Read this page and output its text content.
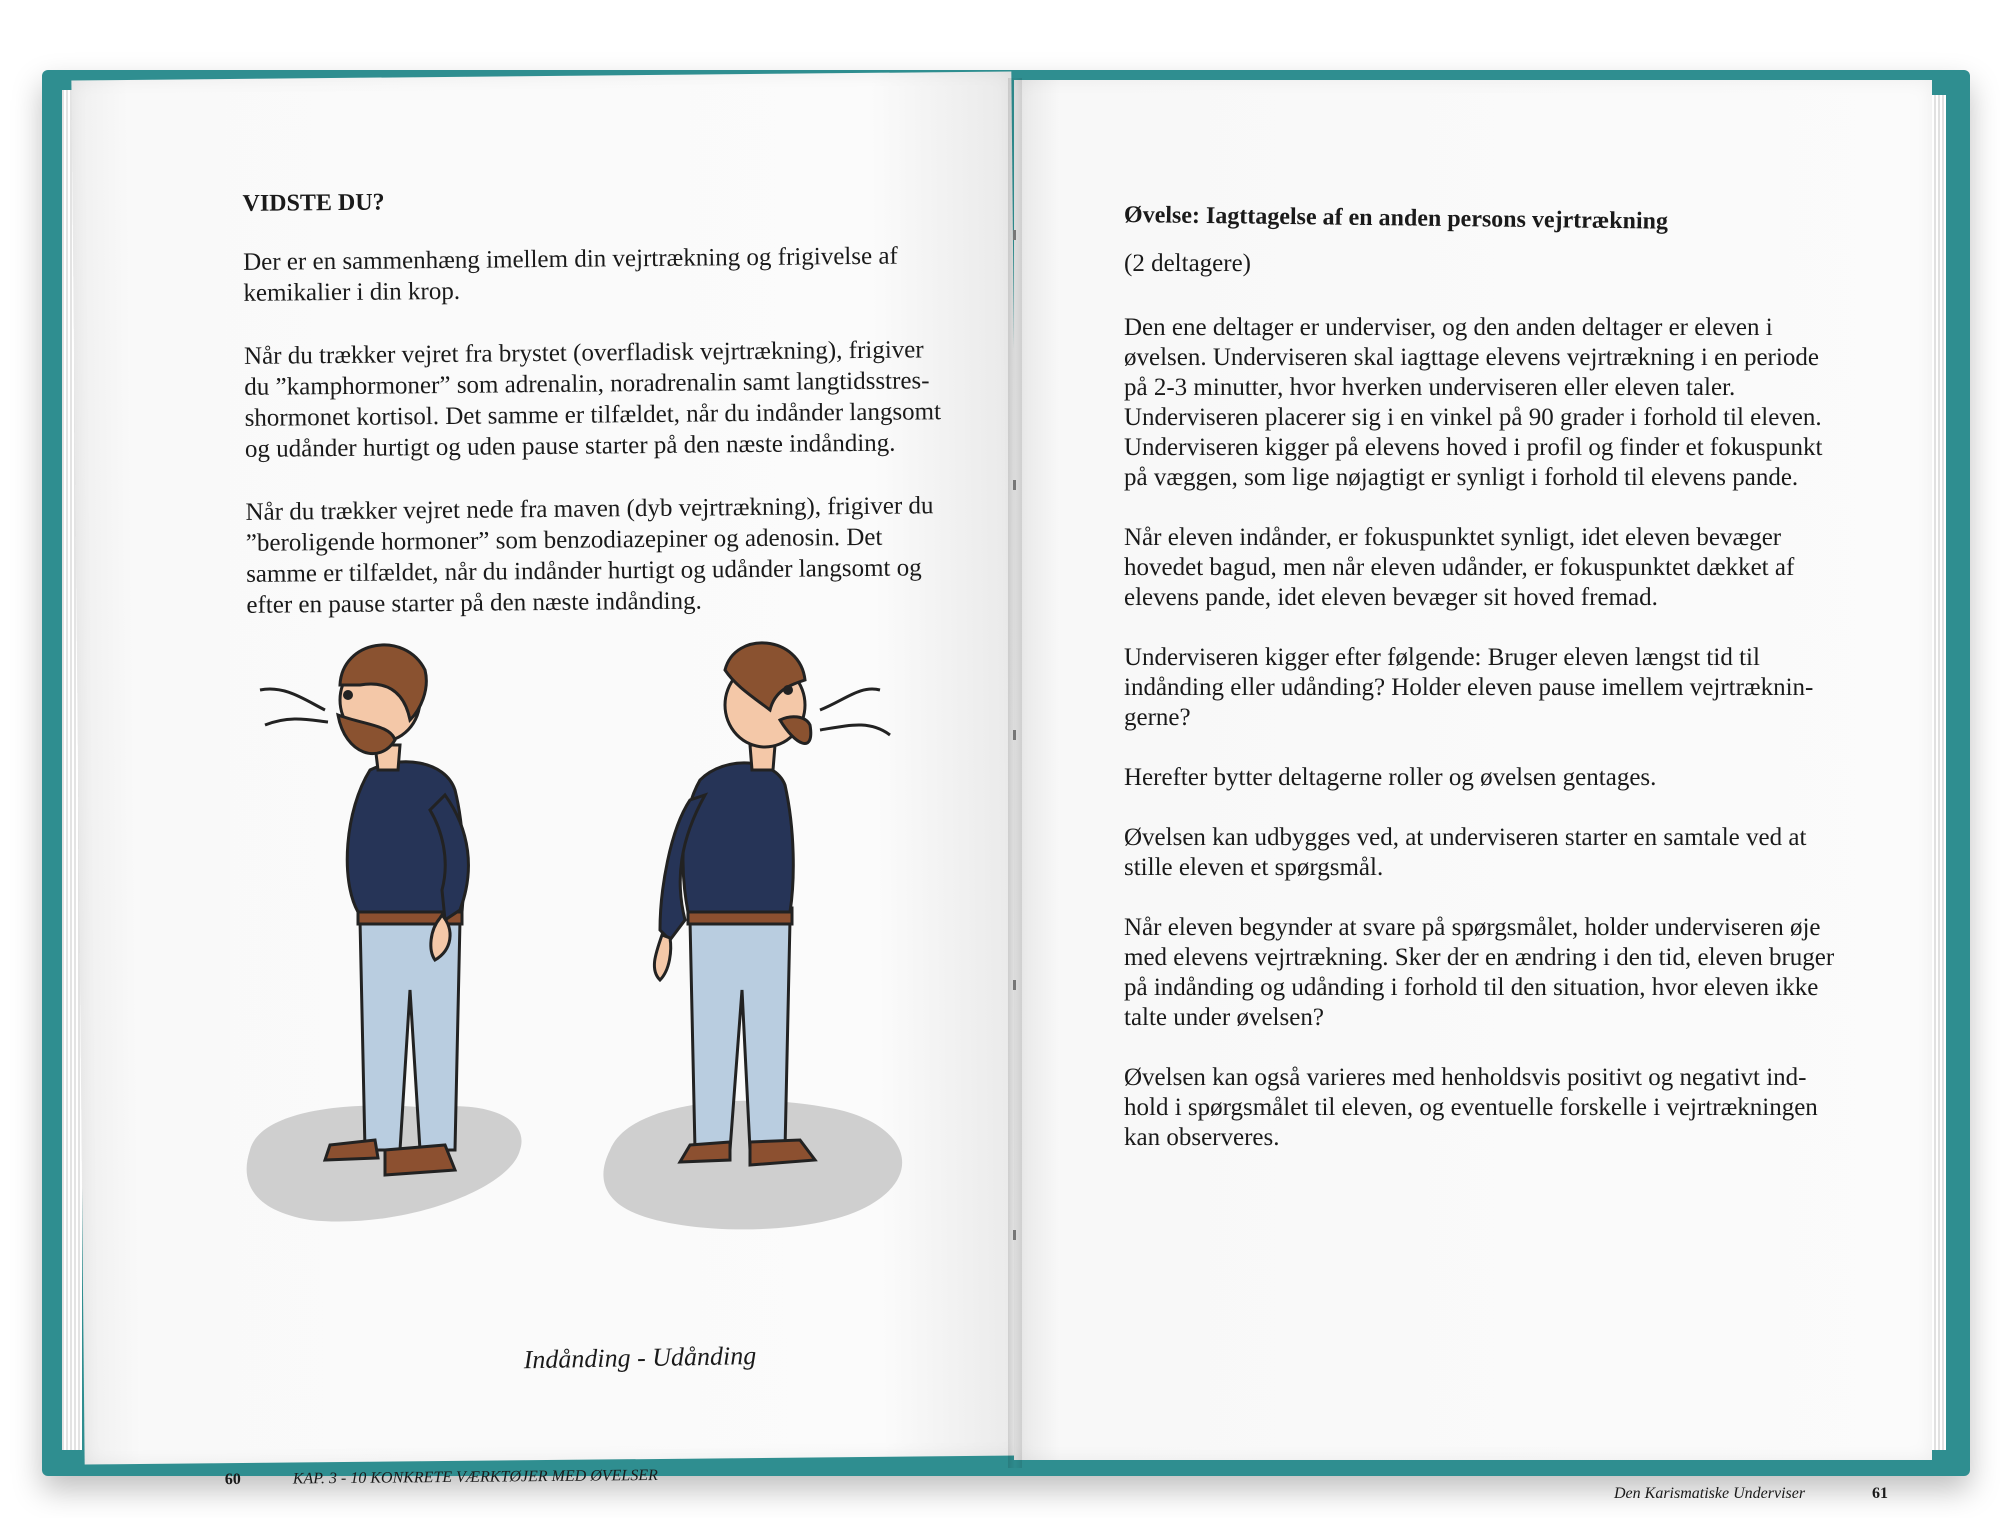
VIDSTE DU?
Der er en sammenhæng imellem din vejrtrækning og frigivelse af
kemikalier i din krop.
Når du trækker vejret fra brystet (overfladisk vejrtrækning), frigiver
du ”kamphormoner” som adrenalin, noradrenalin samt langtidsstres-
shormonet kortisol. Det samme er tilfældet, når du indånder langsomt
og udånder hurtigt og uden pause starter på den næste indånding.
Når du trækker vejret nede fra maven (dyb vejrtrækning), frigiver du
”beroligende hormoner” som benzodiazepiner og adenosin. Det
samme er tilfældet, når du indånder hurtigt og udånder langsomt og
efter en pause starter på den næste indånding.
Indånding - Udånding
60	KAP. 3 - 10 KONKRETE VÆRKTØJER MED ØVELSER
Øvelse: Iagttagelse af en anden persons vejrtrækning
(2 deltagere)
Den ene deltager er underviser, og den anden deltager er eleven i
øvelsen. Underviseren skal iagttage elevens vejrtrækning i en periode
på 2-3 minutter, hvor hverken underviseren eller eleven taler.
Underviseren placerer sig i en vinkel på 90 grader i forhold til eleven.
Underviseren kigger på elevens hoved i profil og finder et fokuspunkt
på væggen, som lige nøjagtigt er synligt i forhold til elevens pande.
Når eleven indånder, er fokuspunktet synligt, idet eleven bevæger
hovedet bagud, men når eleven udånder, er fokuspunktet dækket af
elevens pande, idet eleven bevæger sit hoved fremad.
Underviseren kigger efter følgende: Bruger eleven længst tid til
indånding eller udånding? Holder eleven pause imellem vejrtræknin-
gerne?
Herefter bytter deltagerne roller og øvelsen gentages.
Øvelsen kan udbygges ved, at underviseren starter en samtale ved at
stille eleven et spørgsmål.
Når eleven begynder at svare på spørgsmålet, holder underviseren øje
med elevens vejrtrækning. Sker der en ændring i den tid, eleven bruger
på indånding og udånding i forhold til den situation, hvor eleven ikke
talte under øvelsen?
Øvelsen kan også varieres med henholdsvis positivt og negativt ind-
hold i spørgsmålet til eleven, og eventuelle forskelle i vejrtrækningen
kan observeres.
Den Karismatiske Underviser	61
